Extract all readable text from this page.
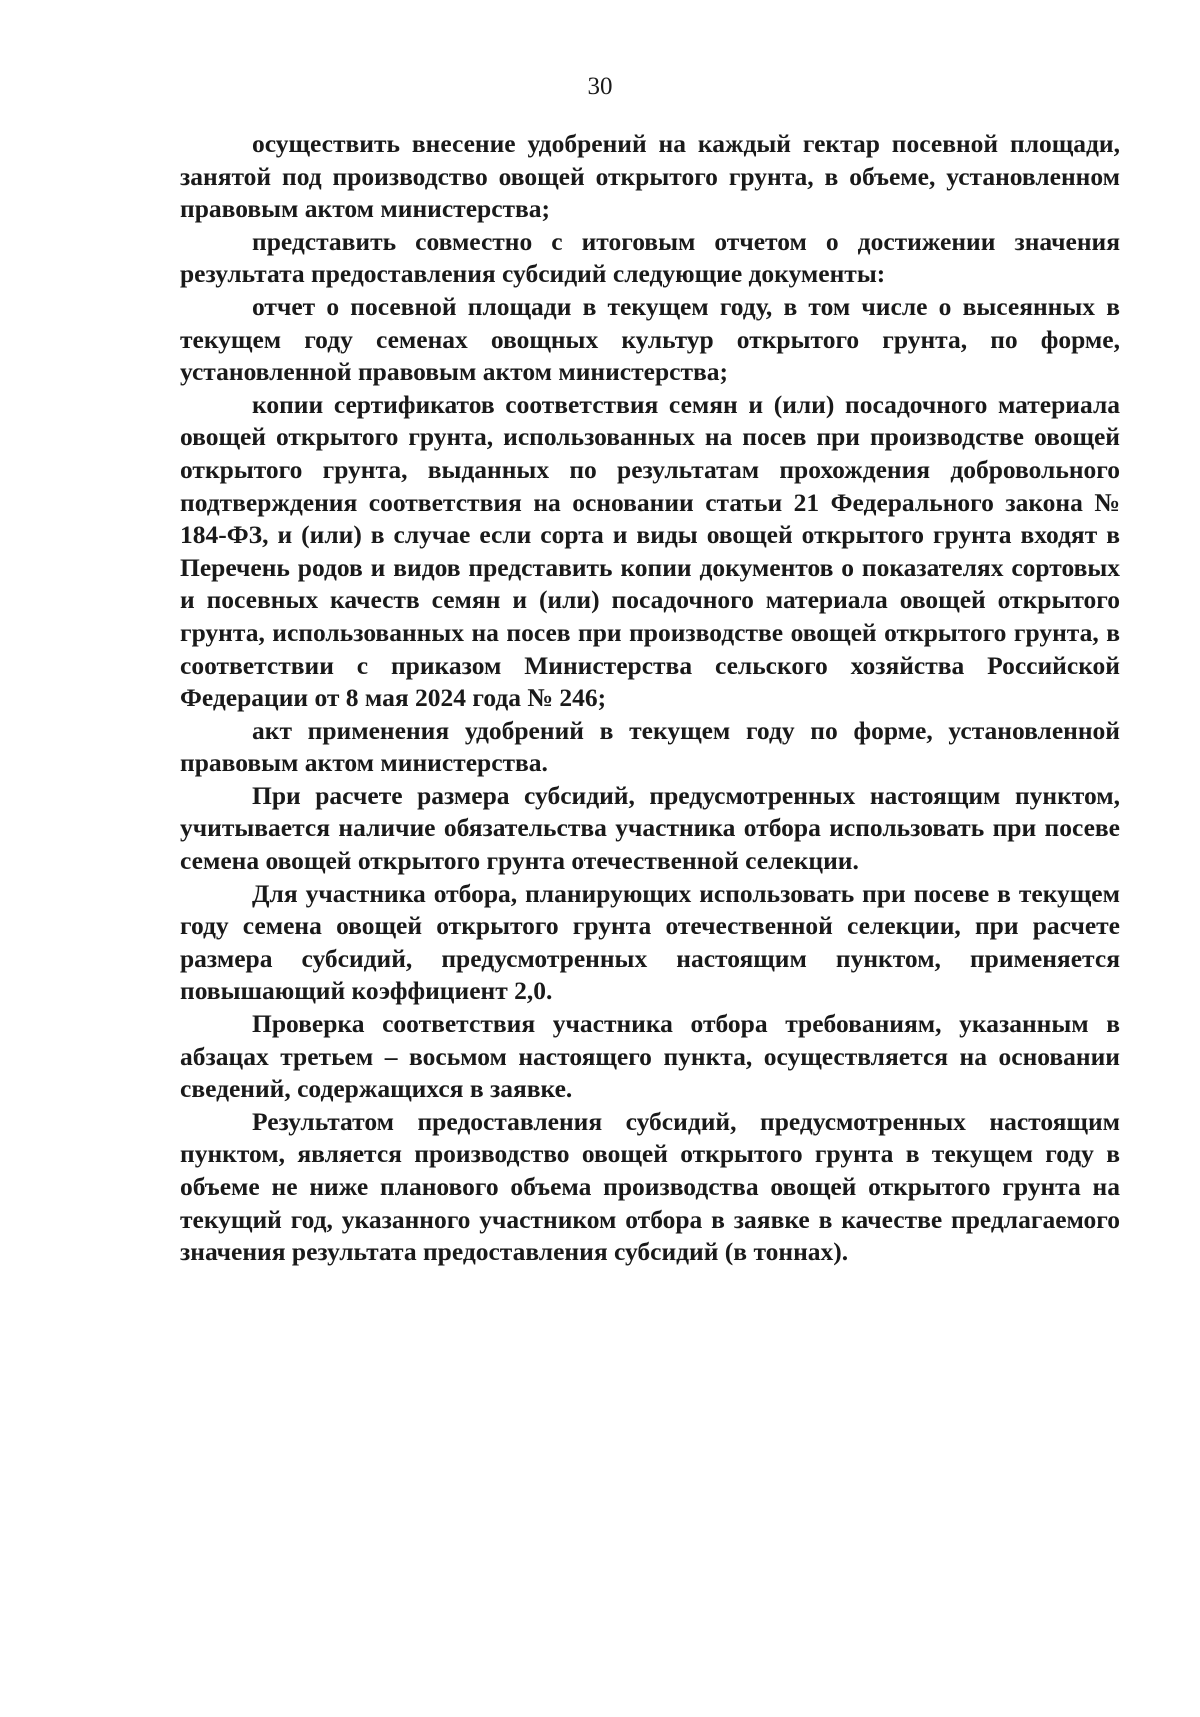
30

осуществить внесение удобрений на каждый гектар посевной площади, занятой под производство овощей открытого грунта, в объеме, установленном правовым актом министерства;

представить совместно с итоговым отчетом о достижении значения результата предоставления субсидий следующие документы:

отчет о посевной площади в текущем году, в том числе о высеянных в текущем году семенах овощных культур открытого грунта, по форме, установленной правовым актом министерства;

копии сертификатов соответствия семян и (или) посадочного материала овощей открытого грунта, использованных на посев при производстве овощей открытого грунта, выданных по результатам прохождения добровольного подтверждения соответствия на основании статьи 21 Федерального закона № 184-ФЗ, и (или) в случае если сорта и виды овощей открытого грунта входят в Перечень родов и видов представить копии документов о показателях сортовых и посевных качеств семян и (или) посадочного материала овощей открытого грунта, использованных на посев при производстве овощей открытого грунта, в соответствии с приказом Министерства сельского хозяйства Российской Федерации от 8 мая 2024 года № 246;

акт применения удобрений в текущем году по форме, установленной правовым актом министерства.

При расчете размера субсидий, предусмотренных настоящим пунктом, учитывается наличие обязательства участника отбора использовать при посеве семена овощей открытого грунта отечественной селекции.

Для участника отбора, планирующих использовать при посеве в текущем году семена овощей открытого грунта отечественной селекции, при расчете размера субсидий, предусмотренных настоящим пунктом, применяется повышающий коэффициент 2,0.

Проверка соответствия участника отбора требованиям, указанным в абзацах третьем – восьмом настоящего пункта, осуществляется на основании сведений, содержащихся в заявке.

Результатом предоставления субсидий, предусмотренных настоящим пунктом, является производство овощей открытого грунта в текущем году в объеме не ниже планового объема производства овощей открытого грунта на текущий год, указанного участником отбора в заявке в качестве предлагаемого значения результата предоставления субсидий (в тоннах).
